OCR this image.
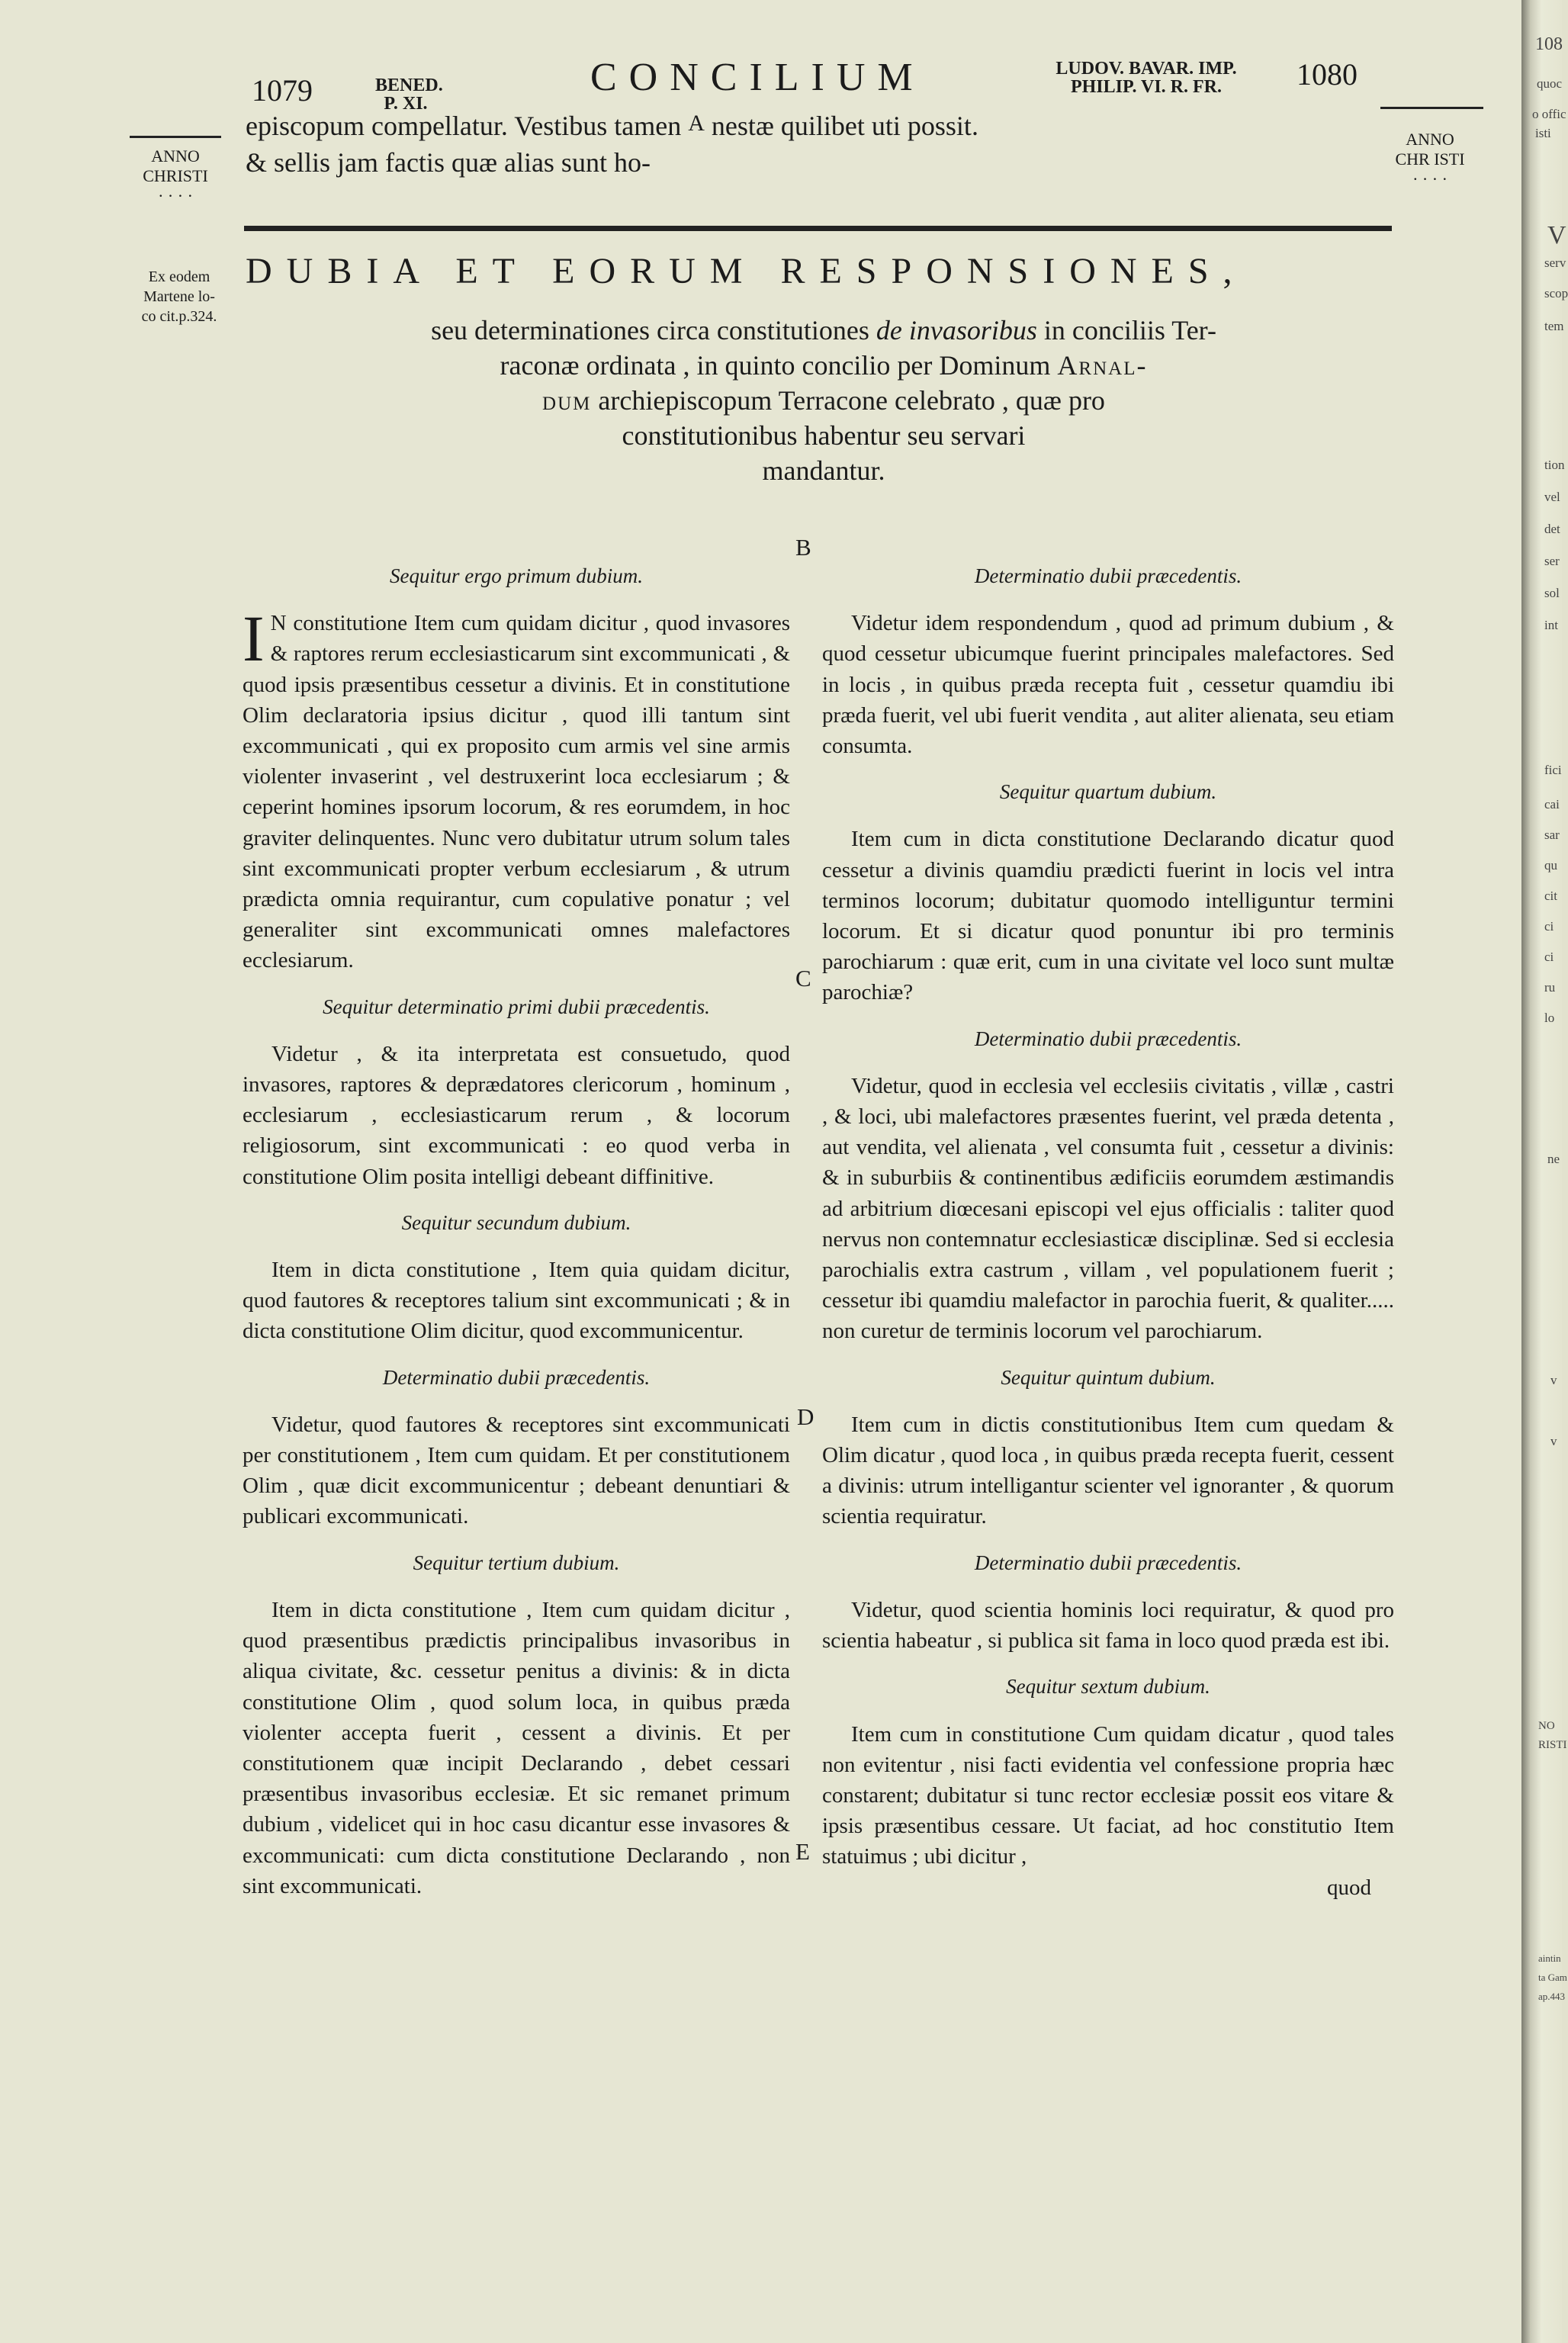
1079	BENED.
P. XI.
CONCILIUM	LUDOV. BAVAR. IMP.
PHILIP. VI. R. FR.	1080
episcopum compellatur. Vestibus tamen A nestæ quilibet uti possit.
& sellis jam factis quæ alias sunt ho-
ANNO
CHRISTI
· · · ·
ANNO
CHR ISTI
· · · ·
Ex eodem
Martene lo-
co cit.p.324.
DUBIA ET EORUM RESPONSIONES,
seu determinationes circa constitutiones de invasoribus in conciliis Ter-
raconæ ordinata , in quinto concilio per Dominum Arnal-
dum archiepiscopum Terracone celebrato , quæ pro
constitutionibus habentur seu servari
mandantur.
B
C
D
E
Sequitur ergo primum dubium.

I N constitutione Item cum quidam dicitur , quod invasores & raptores rerum ecclesiasticarum sint excommunicati , & quod ipsis præsentibus cessetur a divinis. Et in constitutione Olim declaratoria ipsius dicitur , quod illi tantum sint excommunicati , qui ex proposito cum armis vel sine armis violenter invaserint , vel destruxerint loca ecclesiarum ; & ceperint homines ipsorum locorum, & res eorumdem, in hoc graviter delinquentes. Nunc vero dubitatur utrum solum tales sint excommunicati propter verbum ecclesiarum , & utrum prædicta omnia requirantur, cum copulative ponatur ; vel generaliter sint excommunicati omnes malefactores ecclesiarum.

Sequitur determinatio primi dubii præcedentis.

Videtur , & ita interpretata est consuetudo, quod invasores, raptores & deprædatores clericorum , hominum , ecclesiarum , ecclesiasticarum rerum , & locorum religiosorum, sint excommunicati : eo quod verba in constitutione Olim posita intelligi debeant diffinitive.

Sequitur secundum dubium.

Item in dicta constitutione , Item quia quidam dicitur, quod fautores & receptores talium sint excommunicati ; & in dicta constitutione Olim dicitur, quod excommunicentur.

Determinatio dubii præcedentis.

Videtur, quod fautores & receptores sint excommunicati per constitutionem , Item cum quidam. Et per constitutionem Olim , quæ dicit excommunicentur ; debeant denuntiari & publicari excommunicati.

Sequitur tertium dubium.

Item in dicta constitutione , Item cum quidam dicitur , quod præsentibus prædictis principalibus invasoribus in aliqua civitate, &c. cessetur penitus a divinis: & in dicta constitutione Olim , quod solum loca, in quibus præda violenter accepta fuerit , cessent a divinis. Et per constitutionem quæ incipit Declarando , debet cessari præsentibus invasoribus ecclesiæ. Et sic remanet primum dubium , videlicet qui in hoc casu dicantur esse invasores & excommunicati: cum dicta constitutione Declarando , non sint excommunicati.

Determinatio dubii præcedentis.

Videtur idem respondendum , quod ad primum dubium , & quod cessetur ubicumque fuerint principales malefactores. Sed in locis , in quibus præda recepta fuit , cessetur quamdiu ibi præda fuerit, vel ubi fuerit vendita , aut aliter alienata, seu etiam consumta.

Sequitur quartum dubium.

Item cum in dicta constitutione Declarando dicatur quod cessetur a divinis quamdiu prædicti fuerint in locis vel intra terminos locorum; dubitatur quomodo intelliguntur termini locorum. Et si dicatur quod ponuntur ibi pro terminis parochiarum : quæ erit, cum in una civitate vel loco sunt multæ parochiæ?

Determinatio dubii præcedentis.

Videtur, quod in ecclesia vel ecclesiis civitatis , villæ , castri , & loci, ubi malefactores præsentes fuerint, vel præda detenta , aut vendita, vel alienata , vel consumta fuit , cessetur a divinis: & in suburbiis & continentibus ædificiis eorumdem æstimandis ad arbitrium diœcesani episcopi vel ejus officialis : taliter quod nervus non contemnatur ecclesiasticæ disciplinæ. Sed si ecclesia parochialis extra castrum , villam , vel populationem fuerit ; cessetur ibi quamdiu malefactor in parochia fuerit, & qualiter..... non curetur de terminis locorum vel parochiarum.

Sequitur quintum dubium.

Item cum in dictis constitutionibus Item cum quedam & Olim dicatur , quod loca , in quibus præda recepta fuerit, cessent a divinis: utrum intelligantur scienter vel ignoranter , & quorum scientia requiratur.

Determinatio dubii præcedentis.

Videtur, quod scientia hominis loci requiratur, & quod pro scientia habeatur , si publica sit fama in loco quod præda est ibi.

Sequitur sextum dubium.

Item cum in constitutione Cum quidam dicatur , quod tales non evitentur , nisi facti evidentia vel confessione propria hæc constarent; dubitatur si tunc rector ecclesiæ possit eos vitare & ipsis præsentibus cessare. Ut faciat, ad hoc constitutio Item statuimus ; ubi dicitur ,

quod
108
quoc
o offic
isti
V
serv
scop
tem
tion
vel
det
ser
sol
int
fici
cai
sar
qu
cit
ci
ci
ru
lo
ne
v
v
NO
RISTI
aintin
ta Gam
ap.443
